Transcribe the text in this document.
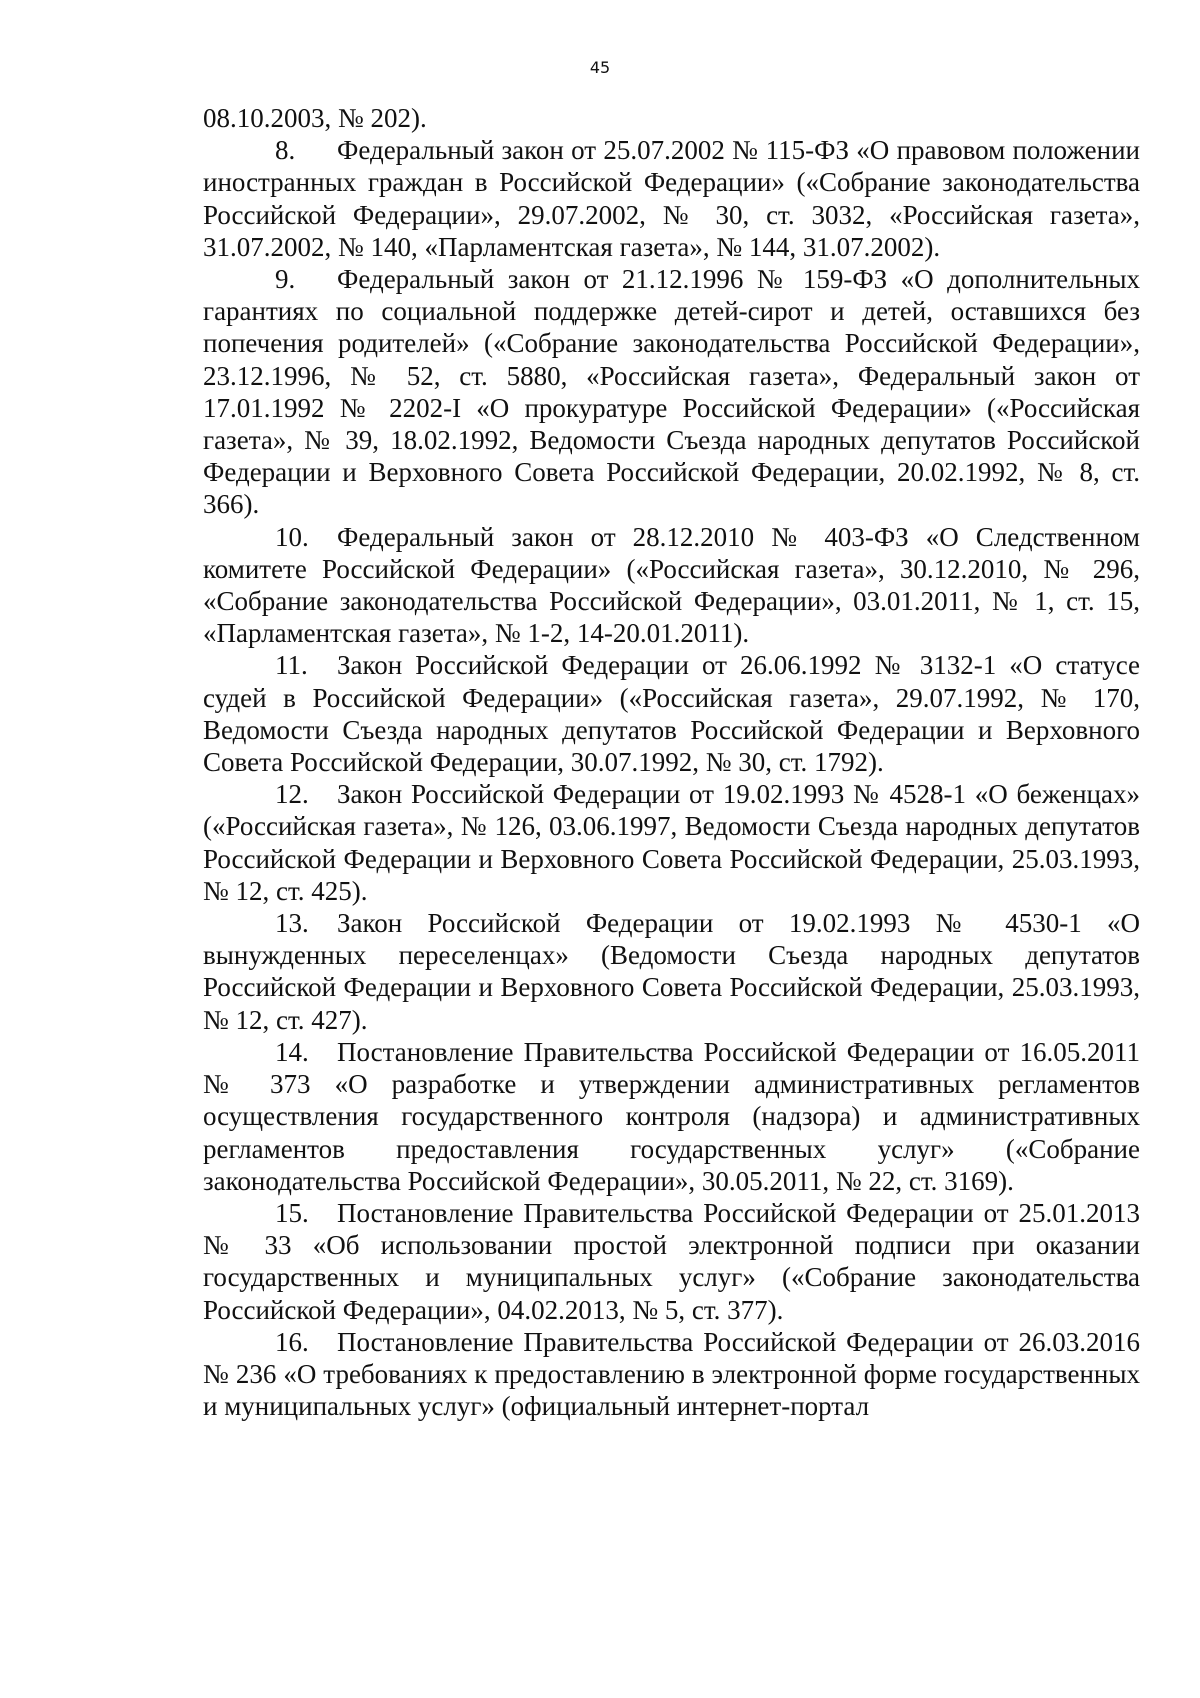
45

08.10.2003, № 202).

8. Федеральный закон от 25.07.2002 № 115-ФЗ «О правовом положении иностранных граждан в Российской Федерации» («Собрание законодательства Российской Федерации», 29.07.2002, № 30, ст. 3032, «Российская газета», 31.07.2002, № 140, «Парламентская газета», № 144, 31.07.2002).

9. Федеральный закон от 21.12.1996 № 159-ФЗ «О дополнительных гарантиях по социальной поддержке детей-сирот и детей, оставшихся без попечения родителей» («Собрание законодательства Российской Федерации», 23.12.1996, № 52, ст. 5880, «Российская газета», Федеральный закон от 17.01.1992 № 2202-I «О прокуратуре Российской Федерации» («Российская газета», № 39, 18.02.1992, Ведомости Съезда народных депутатов Российской Федерации и Верховного Совета Российской Федерации, 20.02.1992, № 8, ст. 366).

10. Федеральный закон от 28.12.2010 № 403-ФЗ «О Следственном комитете Российской Федерации» («Российская газета», 30.12.2010, № 296, «Собрание законодательства Российской Федерации», 03.01.2011, № 1, ст. 15, «Парламентская газета», № 1-2, 14-20.01.2011).

11. Закон Российской Федерации от 26.06.1992 № 3132-1 «О статусе судей в Российской Федерации» («Российская газета», 29.07.1992, № 170, Ведомости Съезда народных депутатов Российской Федерации и Верховного Совета Российской Федерации, 30.07.1992, № 30, ст. 1792).

12. Закон Российской Федерации от 19.02.1993 № 4528-1 «О беженцах» («Российская газета», № 126, 03.06.1997, Ведомости Съезда народных депутатов Российской Федерации и Верховного Совета Российской Федерации, 25.03.1993, № 12, ст. 425).

13. Закон Российской Федерации от 19.02.1993 № 4530-1 «О вынужденных переселенцах» (Ведомости Съезда народных депутатов Российской Федерации и Верховного Совета Российской Федерации, 25.03.1993, № 12, ст. 427).

14. Постановление Правительства Российской Федерации от 16.05.2011 № 373 «О разработке и утверждении административных регламентов осуществления государственного контроля (надзора) и административных регламентов предоставления государственных услуг» («Собрание законодательства Российской Федерации», 30.05.2011, № 22, ст. 3169).

15. Постановление Правительства Российской Федерации от 25.01.2013 № 33 «Об использовании простой электронной подписи при оказании государственных и муниципальных услуг» («Собрание законодательства Российской Федерации», 04.02.2013, № 5, ст. 377).

16. Постановление Правительства Российской Федерации от 26.03.2016 № 236 «О требованиях к предоставлению в электронной форме государственных и муниципальных услуг» (официальный интернет-портал
